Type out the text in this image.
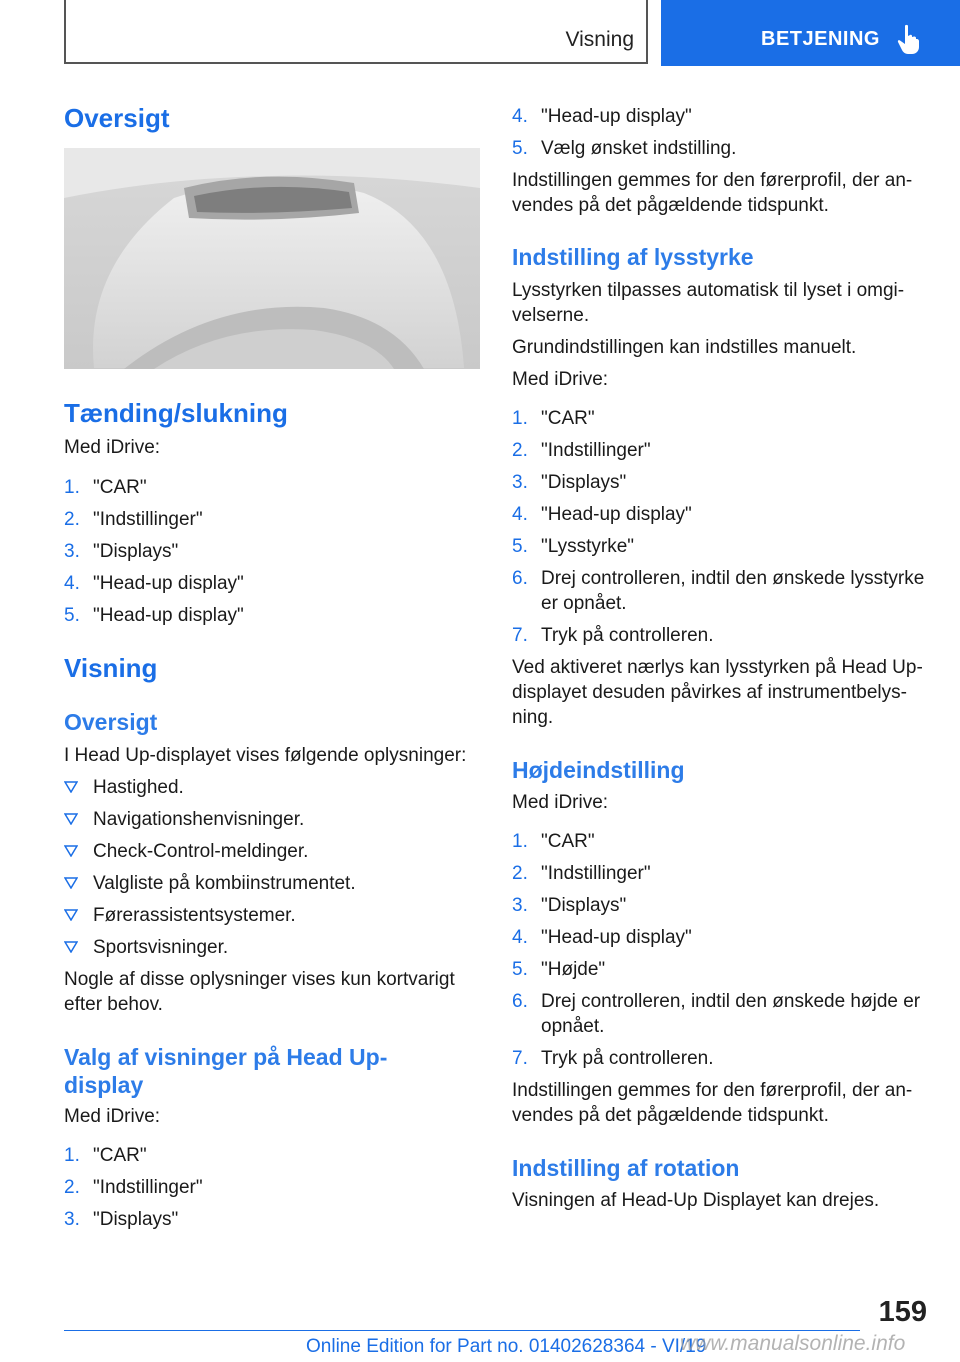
Visning	BETJENING
Oversigt
Tænding/slukning
Med iDrive:
1. "CAR"
2. "Indstillinger"
3. "Displays"
4. "Head-up display"
5. "Head-up display"
Visning
Oversigt
I Head Up-displayet vises følgende oplysninger:
Hastighed.
Navigationshenvisninger.
Check-Control-meldinger.
Valgliste på kombiinstrumentet.
Førerassistentsystemer.
Sportsvisninger.
Nogle af disse oplysninger vises kun kortvarigt
efter behov.
Valg af visninger på Head Up-
display
Med iDrive:
1. "CAR"
2. "Indstillinger"
3. "Displays"
4. "Head-up display"
5. Vælg ønsket indstilling.
Indstillingen gemmes for den førerprofil, der an-
vendes på det pågældende tidspunkt.
Indstilling af lysstyrke
Lysstyrken tilpasses automatisk til lyset i omgi-
velserne.
Grundindstillingen kan indstilles manuelt.
Med iDrive:
1. "CAR"
2. "Indstillinger"
3. "Displays"
4. "Head-up display"
5. "Lysstyrke"
6. Drej controlleren, indtil den ønskede lysstyrke
er opnået.
7. Tryk på controlleren.
Ved aktiveret nærlys kan lysstyrken på Head Up-
displayet desuden påvirkes af instrumentbelys-
ning.
Højdeindstilling
Med iDrive:
1. "CAR"
2. "Indstillinger"
3. "Displays"
4. "Head-up display"
5. "Højde"
6. Drej controlleren, indtil den ønskede højde er
opnået.
7. Tryk på controlleren.
Indstillingen gemmes for den førerprofil, der an-
vendes på det pågældende tidspunkt.
Indstilling af rotation
Visningen af Head-Up Displayet kan drejes.
159
Online Edition for Part no. 01402628364 - VI/19
www.manualsonline.info
